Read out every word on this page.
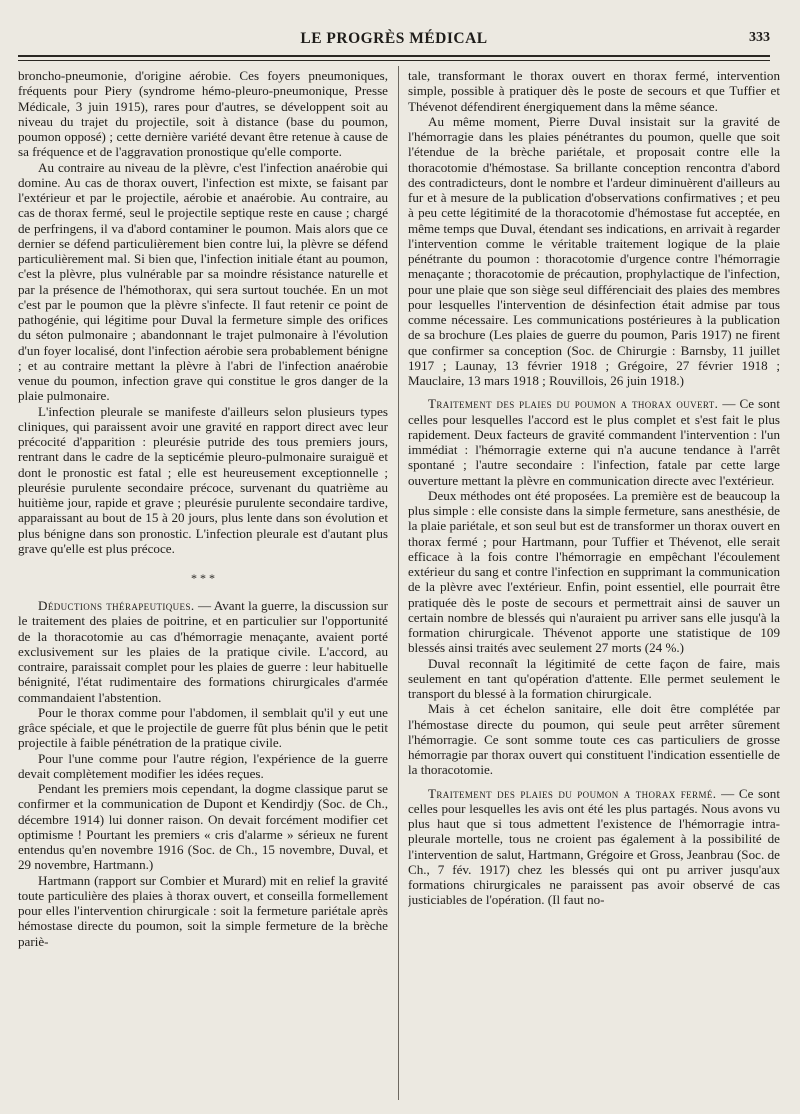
LE PROGRÈS MÉDICAL	333

broncho-pneumonie, d'origine aérobie. Ces foyers pneumoniques, fréquents pour Piery (syndrome hémo-pleuro-pneumonique, Presse Médicale, 3 juin 1915), rares pour d'autres, se développent soit au niveau du trajet du projectile, soit à distance (base du poumon, poumon opposé) ; cette dernière variété devant être retenue à cause de sa fréquence et de l'aggravation pronostique qu'elle comporte.

Au contraire au niveau de la plèvre, c'est l'infection anaérobie qui domine. Au cas de thorax ouvert, l'infection est mixte, se faisant par l'extérieur et par le projectile, aérobie et anaérobie. Au contraire, au cas de thorax fermé, seul le projectile septique reste en cause ; chargé de perfringens, il va d'abord contaminer le poumon. Mais alors que ce dernier se défend particulièrement bien contre lui, la plèvre se défend particulièrement mal. Si bien que, l'infection initiale étant au poumon, c'est la plèvre, plus vulnérable par sa moindre résistance naturelle et par la présence de l'hémothorax, qui sera surtout touchée. En un mot c'est par le poumon que la plèvre s'infecte. Il faut retenir ce point de pathogénie, qui légitime pour Duval la fermeture simple des orifices du séton pulmonaire ; abandonnant le trajet pulmonaire à l'évolution d'un foyer localisé, dont l'infection aérobie sera probablement bénigne ; et au contraire mettant la plèvre à l'abri de l'infection anaérobie venue du poumon, infection grave qui constitue le gros danger de la plaie pulmonaire.

L'infection pleurale se manifeste d'ailleurs selon plusieurs types cliniques, qui paraissent avoir une gravité en rapport direct avec leur précocité d'apparition : pleurésie putride des tous premiers jours, rentrant dans le cadre de la septicémie pleuro-pulmonaire suraiguë et dont le pronostic est fatal ; elle est heureusement exceptionnelle ; pleurésie purulente secondaire précoce, survenant du quatrième au huitième jour, rapide et grave ; pleurésie purulente secondaire tardive, apparaissant au bout de 15 à 20 jours, plus lente dans son évolution et plus bénigne dans son pronostic. L'infection pleurale est d'autant plus grave qu'elle est plus précoce.

* * *

Déductions thérapeutiques. — Avant la guerre, la discussion sur le traitement des plaies de poitrine, et en particulier sur l'opportunité de la thoracotomie au cas d'hémorragie menaçante, avaient porté exclusivement sur les plaies de la pratique civile. L'accord, au contraire, paraissait complet pour les plaies de guerre : leur habituelle bénignité, l'état rudimentaire des formations chirurgicales d'armée commandaient l'abstention.

Pour le thorax comme pour l'abdomen, il semblait qu'il y eut une grâce spéciale, et que le projectile de guerre fût plus bénin que le petit projectile à faible pénétration de la pratique civile.

Pour l'une comme pour l'autre région, l'expérience de la guerre devait complètement modifier les idées reçues.

Pendant les premiers mois cependant, la dogme classique parut se confirmer et la communication de Dupont et Kendirdjy (Soc. de Ch., décembre 1914) lui donner raison. On devait forcément modifier cet optimisme ! Pourtant les premiers « cris d'alarme » sérieux ne furent entendus qu'en novembre 1916 (Soc. de Ch., 15 novembre, Duval, et 29 novembre, Hartmann.)

Hartmann (rapport sur Combier et Murard) mit en relief la gravité toute particulière des plaies à thorax ouvert, et conseilla formellement pour elles l'intervention chirurgicale : soit la fermeture pariétale après hémostase directe du poumon, soit la simple fermeture de la brèche pariè-

tale, transformant le thorax ouvert en thorax fermé, intervention simple, possible à pratiquer dès le poste de secours et que Tuffier et Thévenot défendirent énergiquement dans la même séance.

Au même moment, Pierre Duval insistait sur la gravité de l'hémorragie dans les plaies pénétrantes du poumon, quelle que soit l'étendue de la brèche pariétale, et proposait contre elle la thoracotomie d'hémostase. Sa brillante conception rencontra d'abord des contradicteurs, dont le nombre et l'ardeur diminuèrent d'ailleurs au fur et à mesure de la publication d'observations confirmatives ; et peu à peu cette légitimité de la thoracotomie d'hémostase fut acceptée, en même temps que Duval, étendant ses indications, en arrivait à regarder l'intervention comme le véritable traitement logique de la plaie pénétrante du poumon : thoracotomie d'urgence contre l'hémorragie menaçante ; thoracotomie de précaution, prophylactique de l'infection, pour une plaie que son siège seul différenciait des plaies des membres pour lesquelles l'intervention de désinfection était admise par tous comme nécessaire. Les communications postérieures à la publication de sa brochure (Les plaies de guerre du poumon, Paris 1917) ne firent que confirmer sa conception (Soc. de Chirurgie : Barnsby, 11 juillet 1917 ; Launay, 13 février 1918 ; Grégoire, 27 février 1918 ; Mauclaire, 13 mars 1918 ; Rouvillois, 26 juin 1918.)

Traitement des plaies du poumon a thorax ouvert. — Ce sont celles pour lesquelles l'accord est le plus complet et s'est fait le plus rapidement. Deux facteurs de gravité commandent l'intervention : l'un immédiat : l'hémorragie externe qui n'a aucune tendance à l'arrêt spontané ; l'autre secondaire : l'infection, fatale par cette large ouverture mettant la plèvre en communication directe avec l'extérieur.

Deux méthodes ont été proposées. La première est de beaucoup la plus simple : elle consiste dans la simple fermeture, sans anesthésie, de la plaie pariétale, et son seul but est de transformer un thorax ouvert en thorax fermé ; pour Hartmann, pour Tuffier et Thévenot, elle serait efficace à la fois contre l'hémorragie en empêchant l'écoulement extérieur du sang et contre l'infection en supprimant la communication de la plèvre avec l'extérieur. Enfin, point essentiel, elle pourrait être pratiquée dès le poste de secours et permettrait ainsi de sauver un certain nombre de blessés qui n'auraient pu arriver sans elle jusqu'à la formation chirurgicale. Thévenot apporte une statistique de 109 blessés ainsi traités avec seulement 27 morts (24 %.)

Duval reconnaît la légitimité de cette façon de faire, mais seulement en tant qu'opération d'attente. Elle permet seulement le transport du blessé à la formation chirurgicale.

Mais à cet échelon sanitaire, elle doit être complétée par l'hémostase directe du poumon, qui seule peut arrêter sûrement l'hémorragie. Ce sont somme toute ces cas particuliers de grosse hémorragie par thorax ouvert qui constituent l'indication essentielle de la thoracotomie.

Traitement des plaies du poumon a thorax fermé. — Ce sont celles pour lesquelles les avis ont été les plus partagés. Nous avons vu plus haut que si tous admettent l'existence de l'hémorragie intra-pleurale mortelle, tous ne croient pas également à la possibilité de l'intervention de salut, Hartmann, Grégoire et Gross, Jeanbrau (Soc. de Ch., 7 fév. 1917) chez les blessés qui ont pu arriver jusqu'aux formations chirurgicales ne paraissent pas avoir observé de cas justiciables de l'opération. (Il faut no-
